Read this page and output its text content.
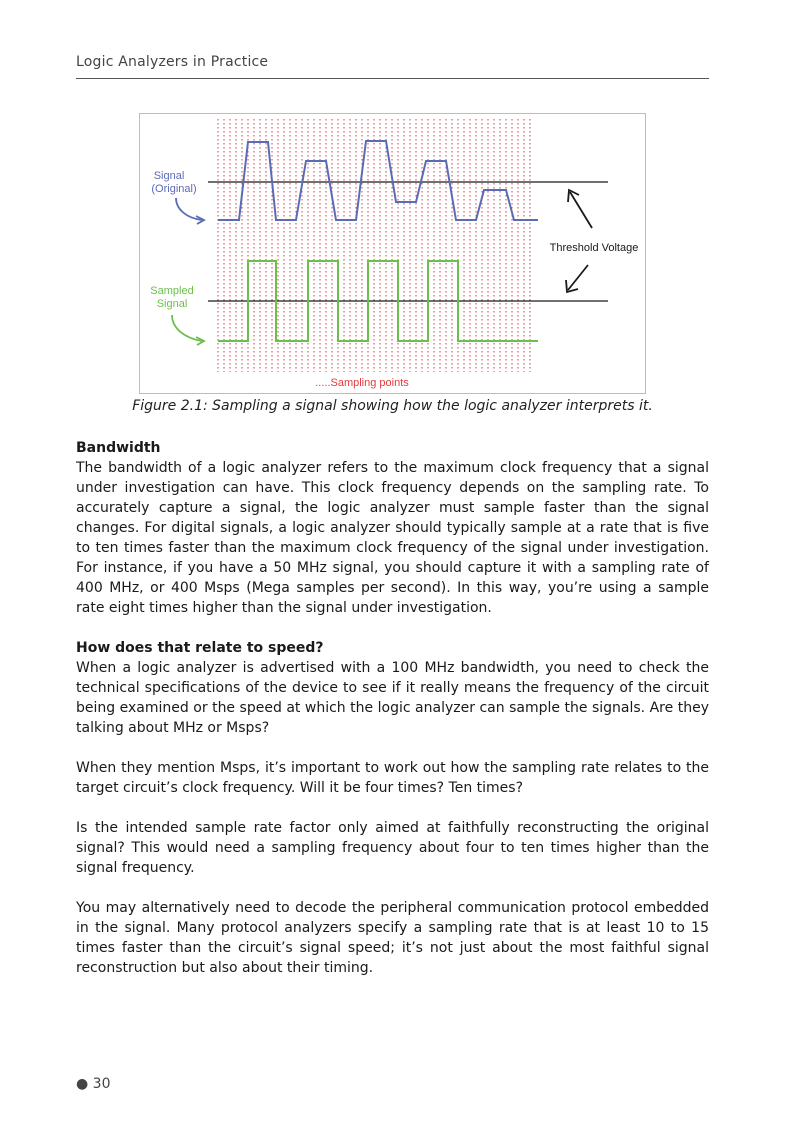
Logic Analyzers in Practice
Signal
(Original)
Sampled
Signal
Threshold Voltage
.....Sampling points
Figure 2.1: Sampling a signal showing how the logic analyzer interprets it.
Bandwidth

The bandwidth of a logic analyzer refers to the maximum clock frequency that a signal under investigation can have. This clock frequency depends on the sampling rate. To accurately capture a signal, the logic analyzer must sample faster than the signal changes. For digital signals, a logic analyzer should typically sample at a rate that is five to ten times faster than the maximum clock frequency of the signal under investigation. For instance, if you have a 50 MHz signal, you should capture it with a sampling rate of 400 MHz, or 400 Msps (Mega samples per second). In this way, you’re using a sample rate eight times higher than the signal under investigation.

How does that relate to speed?

When a logic analyzer is advertised with a 100 MHz bandwidth, you need to check the technical specifications of the device to see if it really means the frequency of the circuit being examined or the speed at which the logic analyzer can sample the signals. Are they talking about MHz or Msps?

When they mention Msps, it’s important to work out how the sampling rate relates to the target circuit’s clock frequency. Will it be four times? Ten times?

Is the intended sample rate factor only aimed at faithfully reconstructing the original signal? This would need a sampling frequency about four to ten times higher than the signal frequency.

You may alternatively need to decode the peripheral communication protocol embedded in the signal. Many protocol analyzers specify a sampling rate that is at least 10 to 15 times faster than the circuit’s signal speed; it’s not just about the most faithful signal reconstruction but also about their timing.

● 30
